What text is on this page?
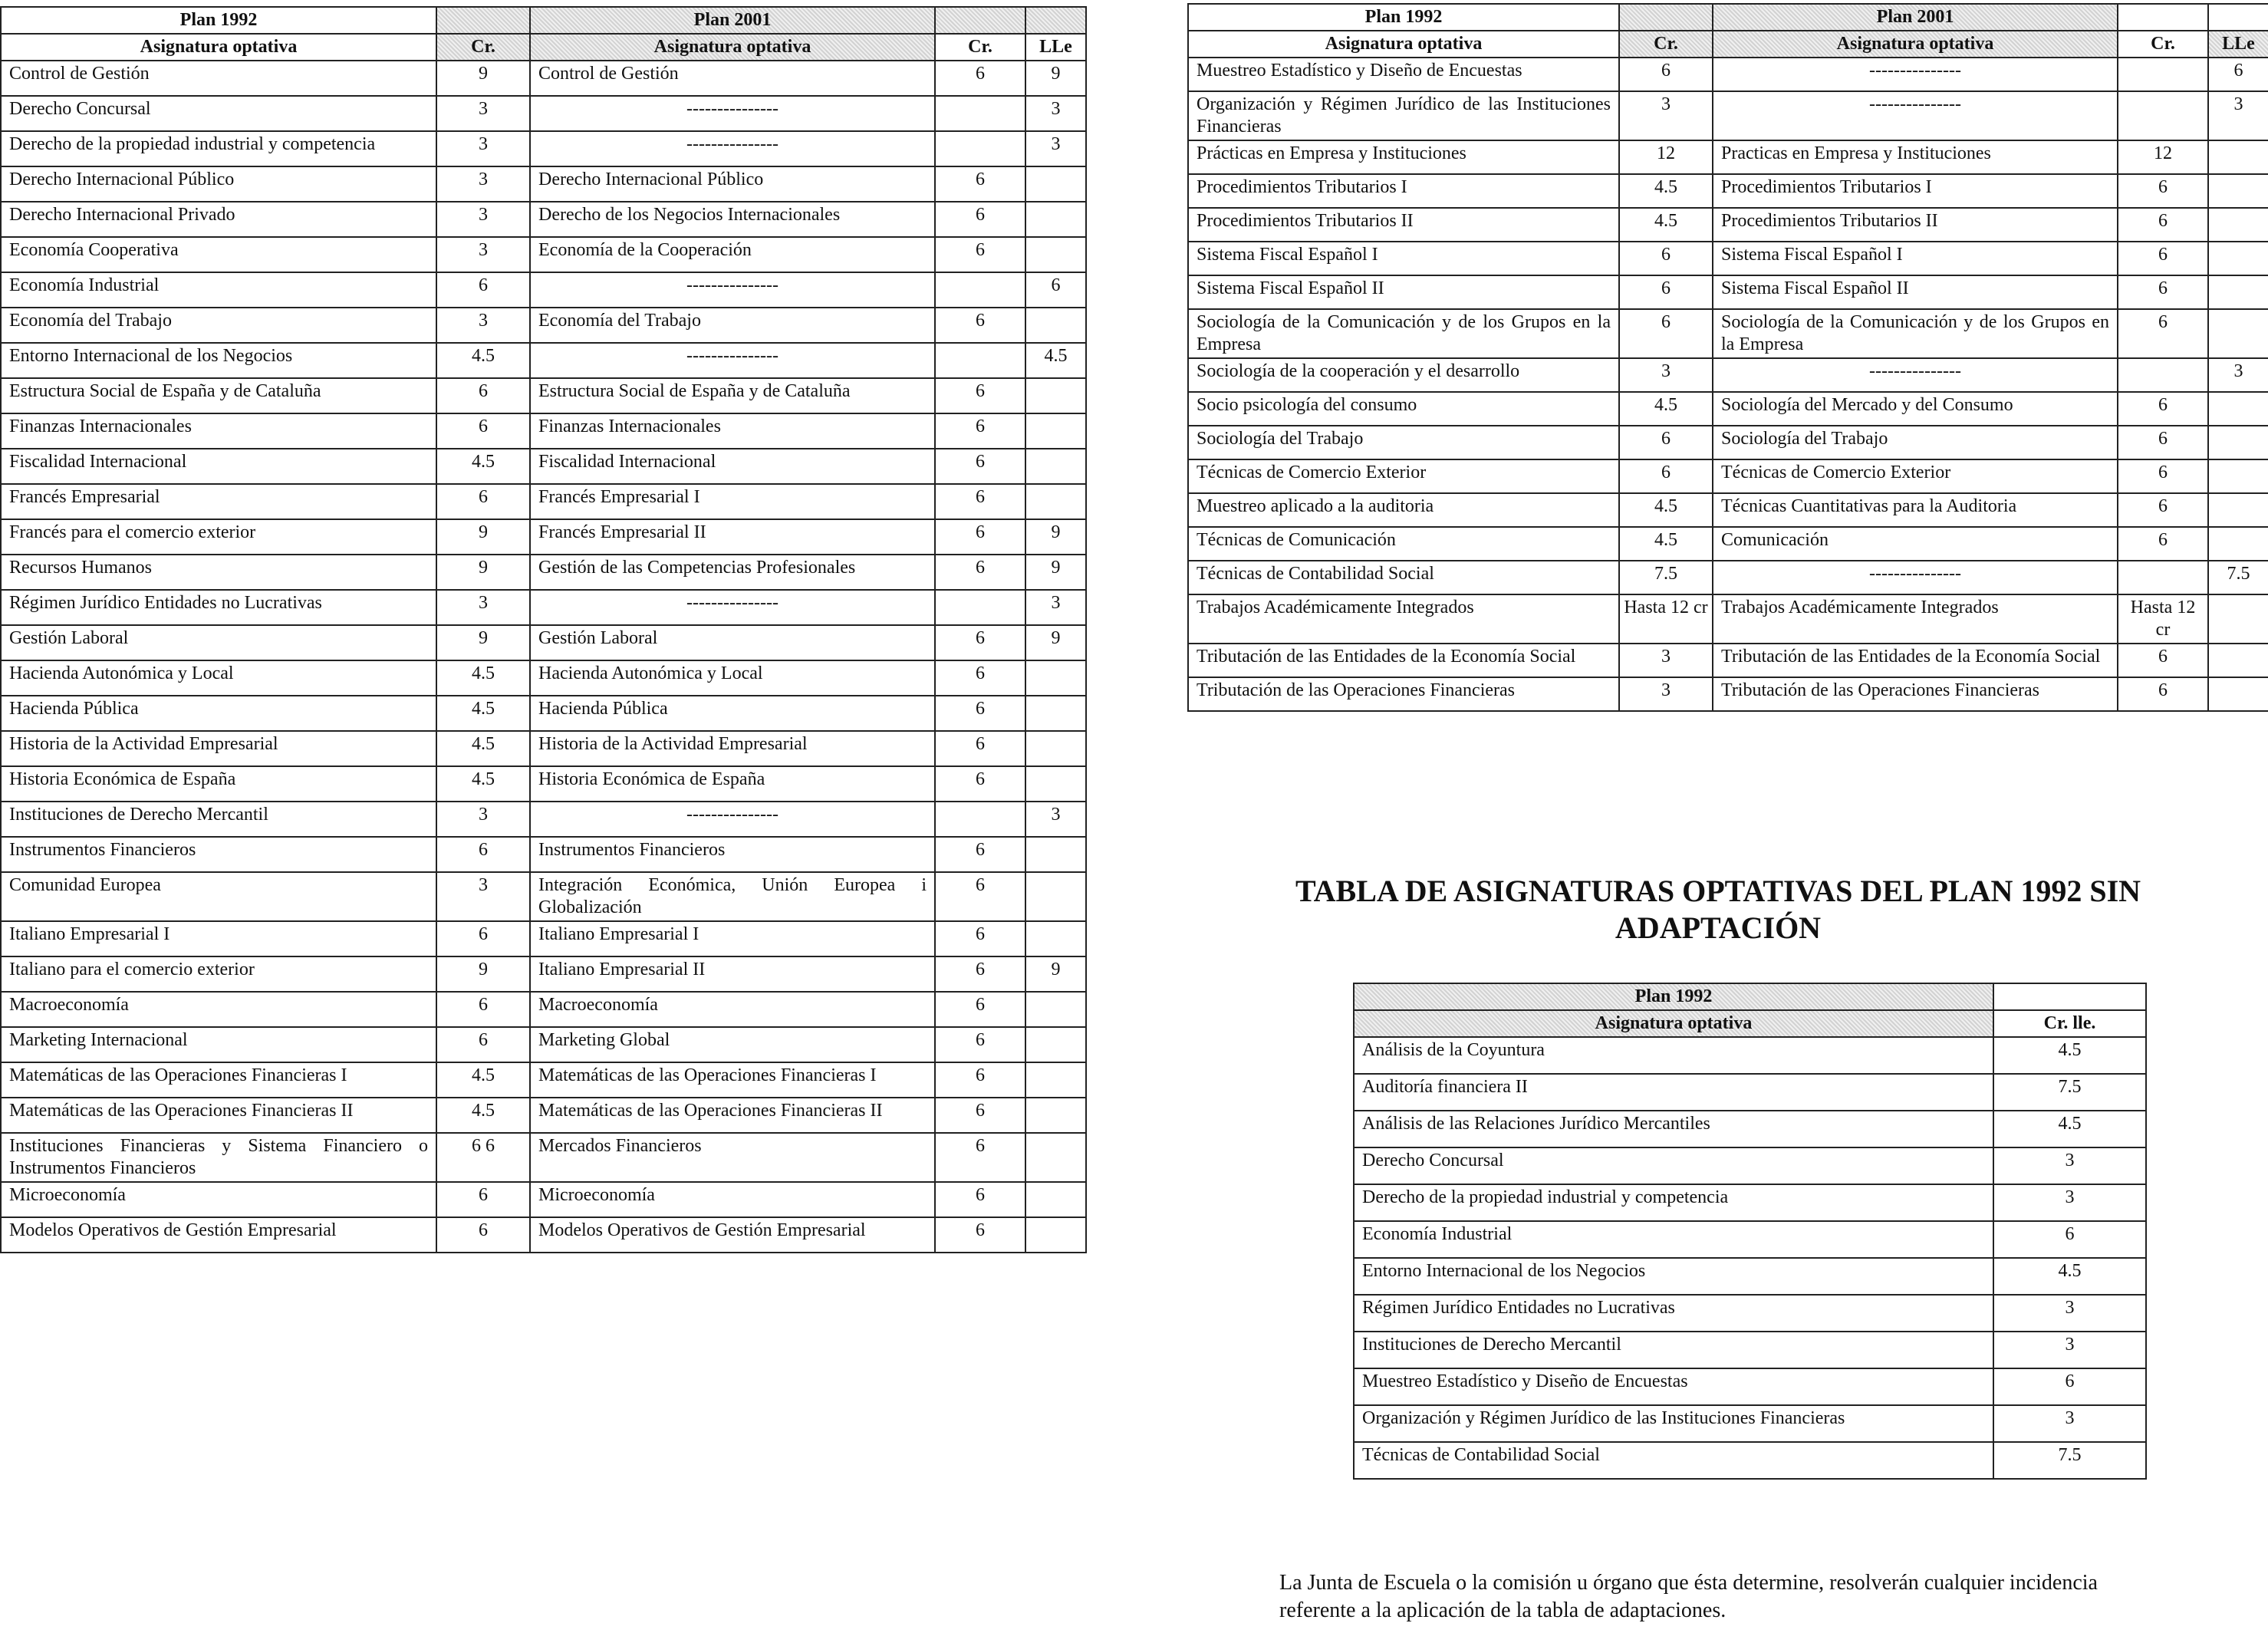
Plan 1992		Plan 2001		
Asignatura optativa	Cr.	Asignatura optativa	Cr.	LLe
Control de Gestión	9	Control de Gestión	6	9
Derecho Concursal	3	---------------		3
Derecho de la propiedad industrial y competencia	3	---------------		3
Derecho Internacional Público	3	Derecho Internacional Público	6	
Derecho Internacional Privado	3	Derecho de los Negocios Internacionales	6	
Economía Cooperativa	3	Economía de la Cooperación	6	
Economía Industrial	6	---------------		6
Economía del Trabajo	3	Economía del Trabajo	6	
Entorno Internacional de los Negocios	4.5	---------------		4.5
Estructura Social de España y de Cataluña	6	Estructura Social de España y de Cataluña	6	
Finanzas Internacionales	6	Finanzas Internacionales	6	
Fiscalidad Internacional	4.5	Fiscalidad Internacional	6	
Francés Empresarial	6	Francés Empresarial I	6	
Francés para el comercio exterior	9	Francés Empresarial II	6	9
Recursos Humanos	9	Gestión de las Competencias Profesionales	6	9
Régimen Jurídico Entidades no Lucrativas	3	---------------		3
Gestión Laboral	9	Gestión Laboral	6	9
Hacienda Autonómica y Local	4.5	Hacienda Autonómica y Local	6	
Hacienda Pública	4.5	Hacienda Pública	6	
Historia de la Actividad Empresarial	4.5	Historia de la Actividad Empresarial	6	
Historia Económica de España	4.5	Historia Económica de España	6	
Instituciones de Derecho Mercantil	3	---------------		3
Instrumentos Financieros	6	Instrumentos Financieros	6	
Comunidad Europea	3	Integración Económica, Unión Europea i Globalización	6	
Italiano Empresarial I	6	Italiano Empresarial I	6	
Italiano para el comercio exterior	9	Italiano Empresarial II	6	9
Macroeconomía	6	Macroeconomía	6	
Marketing Internacional	6	Marketing Global	6	
Matemáticas de las Operaciones Financieras I	4.5	Matemáticas de las Operaciones Financieras I	6	
Matemáticas de las Operaciones Financieras II	4.5	Matemáticas de las Operaciones Financieras II	6	
Instituciones Financieras y Sistema Financiero o Instrumentos Financieros	6 6	Mercados Financieros	6	
Microeconomía	6	Microeconomía	6	
Modelos Operativos de Gestión Empresarial	6	Modelos Operativos de Gestión Empresarial	6	
Plan 1992		Plan 2001		
Asignatura optativa	Cr.	Asignatura optativa	Cr.	LLe
Muestreo Estadístico y Diseño de Encuestas	6	---------------		6
Organización y Régimen Jurídico de las Instituciones Financieras	3	---------------		3
Prácticas en Empresa y Instituciones	12	Practicas en Empresa y Instituciones	12	
Procedimientos Tributarios I	4.5	Procedimientos Tributarios I	6	
Procedimientos Tributarios II	4.5	Procedimientos Tributarios II	6	
Sistema Fiscal Español I	6	Sistema Fiscal Español I	6	
Sistema Fiscal Español II	6	Sistema Fiscal Español II	6	
Sociología de la Comunicación y de los Grupos en la Empresa	6	Sociología de la Comunicación y de los Grupos en la Empresa	6	
Sociología de la cooperación y el desarrollo	3	---------------		3
Socio psicología del consumo	4.5	Sociología del Mercado y del Consumo	6	
Sociología del Trabajo	6	Sociología del Trabajo	6	
Técnicas de Comercio Exterior	6	Técnicas de Comercio Exterior	6	
Muestreo aplicado a la auditoria	4.5	Técnicas Cuantitativas para la Auditoria	6	
Técnicas de Comunicación	4.5	Comunicación	6	
Técnicas de Contabilidad Social	7.5	---------------		7.5
Trabajos Académicamente Integrados	Hasta 12 cr	Trabajos Académicamente Integrados	Hasta 12 cr	
Tributación de las Entidades de la Economía Social	3	Tributación de las Entidades de la Economía Social	6	
Tributación de las Operaciones Financieras	3	Tributación de las Operaciones Financieras	6	
TABLA DE ASIGNATURAS OPTATIVAS DEL PLAN 1992 SIN ADAPTACIÓN
Plan 1992	
Asignatura optativa	Cr. lle.
Análisis de la Coyuntura	4.5
Auditoría financiera II	7.5
Análisis de las Relaciones Jurídico Mercantiles	4.5
Derecho Concursal	3
Derecho de la propiedad industrial y competencia	3
Economía Industrial	6
Entorno Internacional de los Negocios	4.5
Régimen Jurídico Entidades no Lucrativas	3
Instituciones de Derecho Mercantil	3
Muestreo Estadístico y Diseño de Encuestas	6
Organización y Régimen Jurídico de las Instituciones Financieras	3
Técnicas de Contabilidad Social	7.5
La Junta de Escuela o la comisión u órgano que ésta determine, resolverán cualquier incidencia referente a la aplicación de la tabla de adaptaciones.
